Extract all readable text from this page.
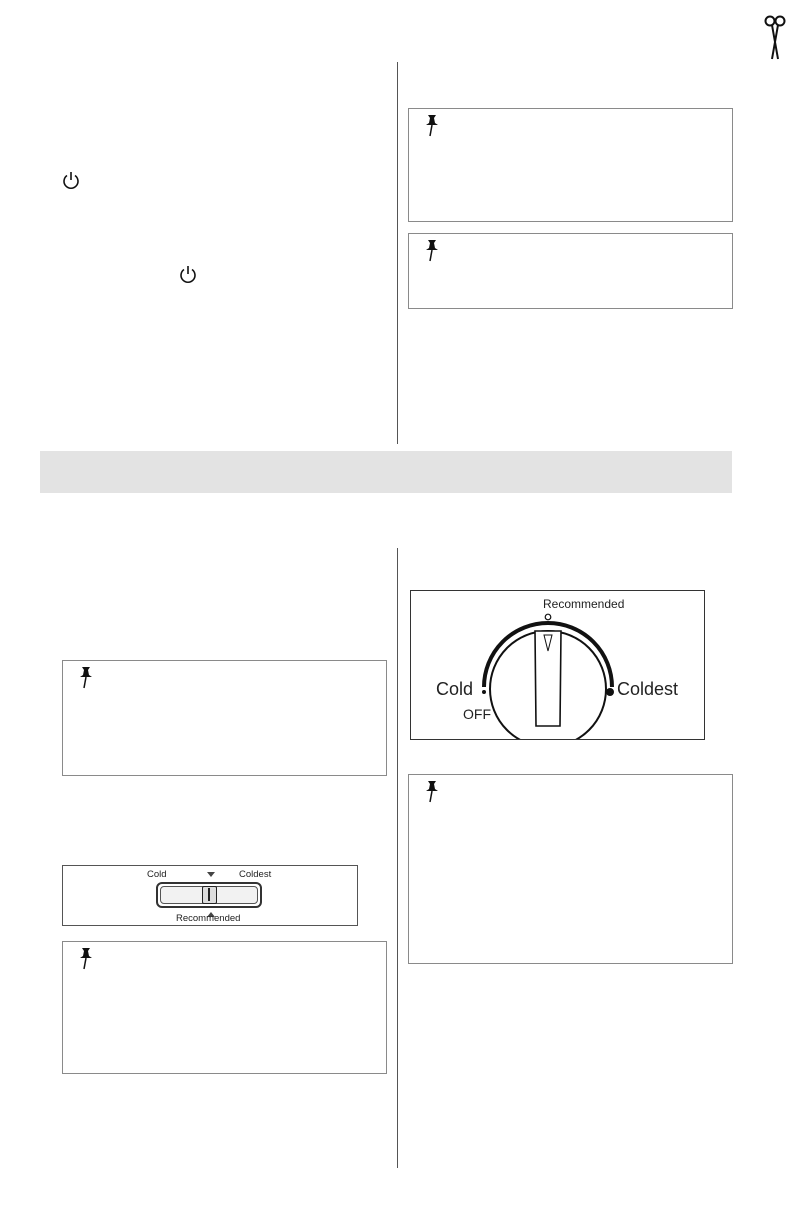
Cold	Coldest
Recommended
Recommended
Cold
OFF
Coldest
